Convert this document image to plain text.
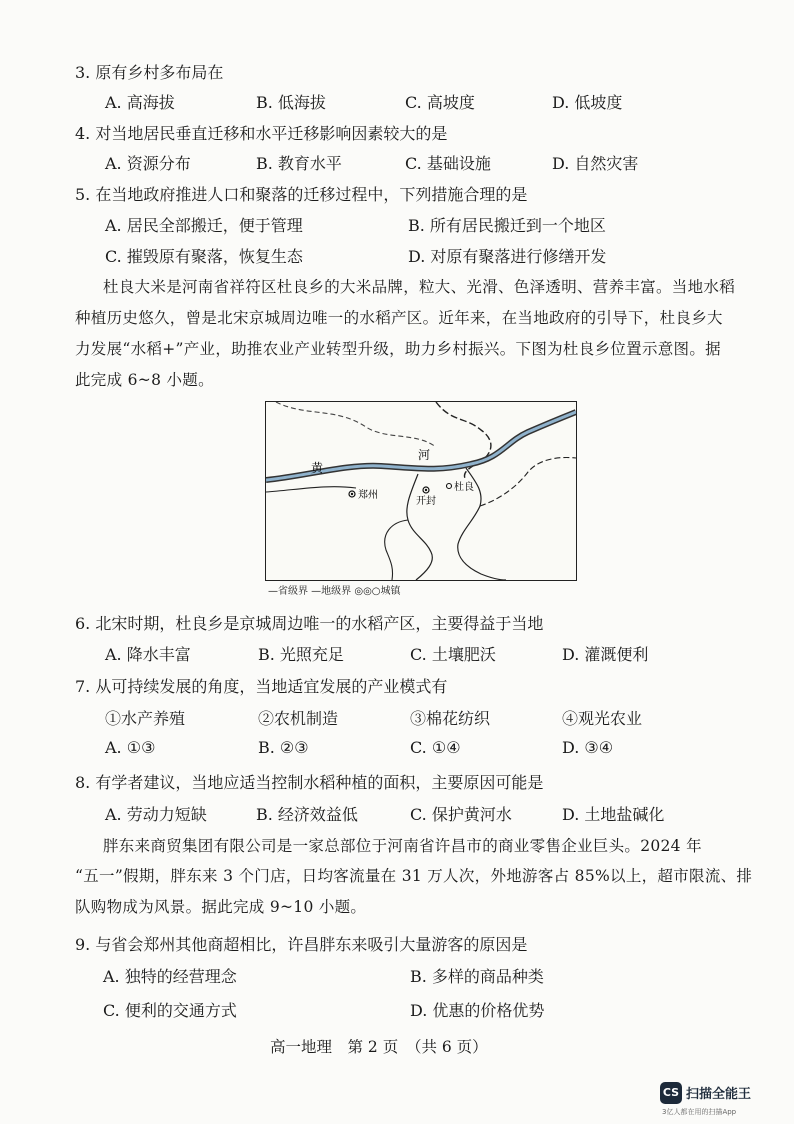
3. 原有乡村多布局在
A. 高海拔	B. 低海拔	C. 高坡度	D. 低坡度
4. 对当地居民垂直迁移和水平迁移影响因素较大的是
A. 资源分布	B. 教育水平	C. 基础设施	D. 自然灾害
5. 在当地政府推进人口和聚落的迁移过程中，下列措施合理的是
A. 居民全部搬迁，便于管理	B. 所有居民搬迁到一个地区
C. 摧毁原有聚落，恢复生态	D. 对原有聚落进行修缮开发
杜良大米是河南省祥符区杜良乡的大米品牌，粒大、光滑、色泽透明、营养丰富。当地水稻
种植历史悠久，曾是北宋京城周边唯一的水稻产区。近年来，在当地政府的引导下，杜良乡大
力发展“水稻+”产业，助推农业产业转型升级，助力乡村振兴。下图为杜良乡位置示意图。据
此完成 6~8 小题。
黄
河
郑州
开封
杜良
—省级界 —地级界 ◎◎○城镇
6. 北宋时期，杜良乡是京城周边唯一的水稻产区，主要得益于当地
A. 降水丰富	B. 光照充足	C. 土壤肥沃	D. 灌溉便利
7. 从可持续发展的角度，当地适宜发展的产业模式有
①水产养殖	②农机制造	③棉花纺织	④观光农业
A. ①③	B. ②③	C. ①④	D. ③④
8. 有学者建议，当地应适当控制水稻种植的面积，主要原因可能是
A. 劳动力短缺	B. 经济效益低	C. 保护黄河水	D. 土地盐碱化
胖东来商贸集团有限公司是一家总部位于河南省许昌市的商业零售企业巨头。2024 年
“五一”假期，胖东来 3 个门店，日均客流量在 31 万人次，外地游客占 85%以上，超市限流、排
队购物成为风景。据此完成 9~10 小题。
9. 与省会郑州其他商超相比，许昌胖东来吸引大量游客的原因是
A. 独特的经营理念	B. 多样的商品种类
C. 便利的交通方式	D. 优惠的价格优势
高一地理　第 2 页　（共 6 页）
CS 扫描全能王
3亿人都在用的扫描App
